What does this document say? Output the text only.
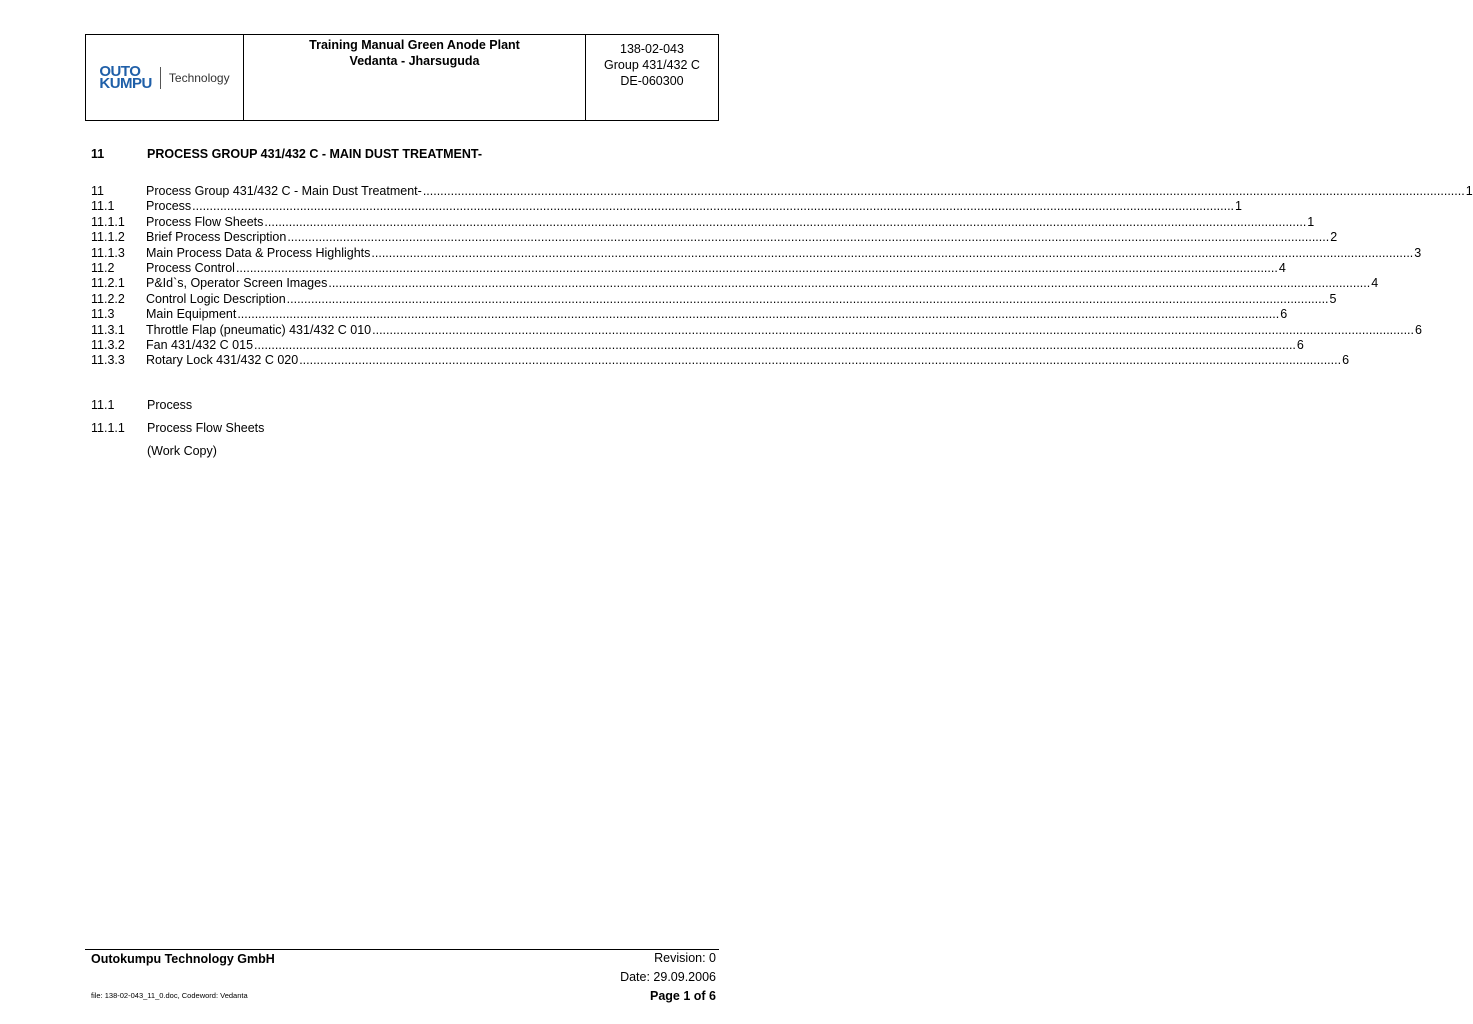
OUTO
KUMPU Technology
Training Manual Green Anode Plant
Vedanta - Jharsuguda
138-02-043
Group 431/432 C
DE-060300
11	PROCESS GROUP 431/432 C - MAIN DUST TREATMENT-
11	Process Group 431/432 C - Main Dust Treatment- ............................................................................................................................................................................................................................................................................................................ 1
11.1	Process ............................................................................................................................................................................................................................................................................................................ 1
11.1.1	Process Flow Sheets ............................................................................................................................................................................................................................................................................................................ 1
11.1.2	Brief Process Description ............................................................................................................................................................................................................................................................................................................ 2
11.1.3	Main Process Data & Process Highlights ............................................................................................................................................................................................................................................................................................................ 3
11.2	Process Control ............................................................................................................................................................................................................................................................................................................ 4
11.2.1	P&Id`s, Operator Screen Images ............................................................................................................................................................................................................................................................................................................ 4
11.2.2	Control Logic Description ............................................................................................................................................................................................................................................................................................................ 5
11.3	Main Equipment ............................................................................................................................................................................................................................................................................................................ 6
11.3.1	Throttle Flap (pneumatic) 431/432 C 010 ............................................................................................................................................................................................................................................................................................................ 6
11.3.2	Fan 431/432 C 015 ............................................................................................................................................................................................................................................................................................................ 6
11.3.3	Rotary Lock 431/432 C 020 ............................................................................................................................................................................................................................................................................................................ 6
11.1	Process
11.1.1 Process Flow Sheets
(Work Copy)
Outokumpu Technology GmbH
file: 138-02-043_11_0.doc, Codeword: Vedanta
Revision: 0
Date: 29.09.2006
Page 1 of 6
